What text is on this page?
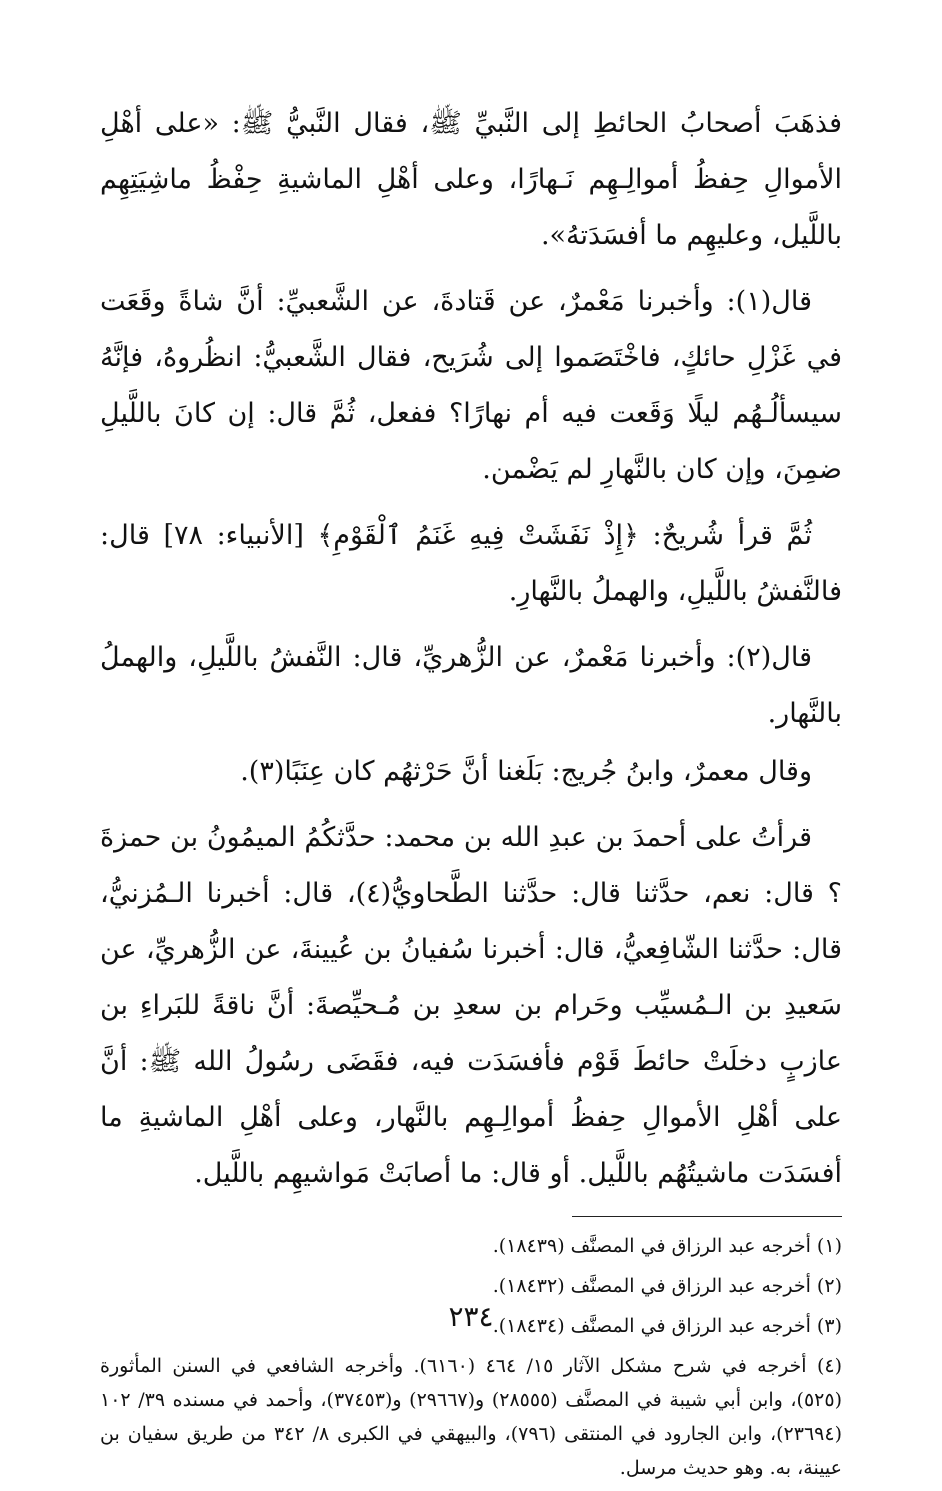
فذهَبَ أصحابُ الحائطِ إلى النَّبيِّ ﷺ، فقال النَّبيُّ ﷺ: «على أهْلِ الأموالِ حِفظُ أموالِـهِم نَـهارًا، وعلى أهْلِ الماشيةِ حِفْظُ ماشِيَتِهِم باللَّيل، وعليهِم ما أفسَدَتهُ».

قال(١): وأخبرنا مَعْمرٌ، عن قَتادةَ، عن الشَّعبيِّ: أنَّ شاةً وقَعَت في غَزْلِ حائكٍ، فاخْتَصَموا إلى شُرَيح، فقال الشَّعبيُّ: انظُروهُ، فإنَّهُ سيسألُـهُم ليلًا وَقَعت فيه أم نهارًا؟ ففعل، ثُمَّ قال: إن كانَ باللَّيلِ ضمِنَ، وإن كان بالنَّهارِ لم يَضْمن.

ثُمَّ قرأ شُريحٌ: ﴿إِذْ نَفَشَتْ فِيهِ غَنَمُ ٱلْقَوْمِ﴾ [الأنبياء: ٧٨] قال: فالنَّفشُ باللَّيلِ، والهملُ بالنَّهارِ.

قال(٢): وأخبرنا مَعْمرٌ، عن الزُّهريِّ، قال: النَّفشُ باللَّيلِ، والهملُ بالنَّهار.

وقال معمرٌ، وابنُ جُريج: بَلَغنا أنَّ حَرْثهُم كان عِنَبًا(٣).

قرأتُ على أحمدَ بن عبدِ الله بن محمد: حدَّثكُمُ الميمُونُ بن حمزةَ ؟ قال: نعم، حدَّثنا قال: حدَّثنا الطَّحاويُّ(٤)، قال: أخبرنا الـمُزنيُّ، قال: حدَّثنا الشّافِعيُّ، قال: أخبرنا سُفيانُ بن عُيينةَ، عن الزُّهريِّ، عن سَعيدِ بن الـمُسيِّب وحَرام بن سعدِ بن مُـحيِّصةَ: أنَّ ناقةً للبَراءِ بن عازبٍ دخلَتْ حائطَ قَوْم فأفسَدَت فيه، فقَضَى رسُولُ الله ﷺ: أنَّ على أهْلِ الأموالِ حِفظُ أموالِـهِم بالنَّهار، وعلى أهْلِ الماشيةِ ما أفسَدَت ماشيتُهُم باللَّيل. أو قال: ما أصابَتْ مَواشيهِم باللَّيل.

(١) أخرجه عبد الرزاق في المصنَّف (١٨٤٣٩).

(٢) أخرجه عبد الرزاق في المصنَّف (١٨٤٣٢).

(٣) أخرجه عبد الرزاق في المصنَّف (١٨٤٣٤).

(٤) أخرجه في شرح مشكل الآثار ١٥/ ٤٦٤ (٦١٦٠). وأخرجه الشافعي في السنن المأثورة (٥٢٥)، وابن أبي شيبة في المصنَّف (٢٨٥٥٥) و(٢٩٦٦٧) و(٣٧٤٥٣)، وأحمد في مسنده ٣٩/ ١٠٢ (٢٣٦٩٤)، وابن الجارود في المنتقى (٧٩٦)، والبيهقي في الكبرى ٨/ ٣٤٢ من طريق سفيان بن عيينة، به. وهو حديث مرسل.

٢٣٤
